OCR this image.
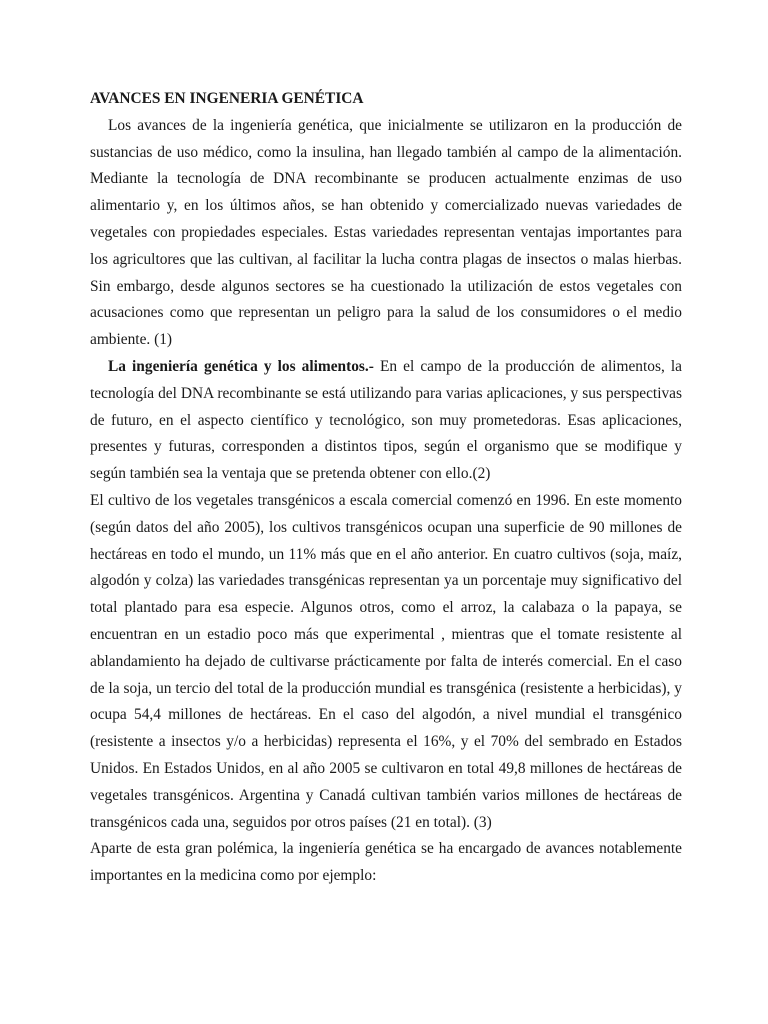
AVANCES EN INGENERIA GENÉTICA

Los avances de la ingeniería genética, que inicialmente se utilizaron en la producción de sustancias de uso médico, como la insulina, han llegado también al campo de la alimentación. Mediante la tecnología de DNA recombinante se producen actualmente enzimas de uso alimentario y, en los últimos años, se han obtenido y comercializado nuevas variedades de vegetales con propiedades especiales. Estas variedades representan ventajas importantes para los agricultores que las cultivan, al facilitar la lucha contra plagas de insectos o malas hierbas. Sin embargo, desde algunos sectores se ha cuestionado la utilización de estos vegetales con acusaciones como que representan un peligro para la salud de los consumidores o el medio ambiente. (1)

La ingeniería genética y los alimentos.- En el campo de la producción de alimentos, la tecnología del DNA recombinante se está utilizando para varias aplicaciones, y sus perspectivas de futuro, en el aspecto científico y tecnológico, son muy prometedoras. Esas aplicaciones, presentes y futuras, corresponden a distintos tipos, según el organismo que se modifique y según también sea la ventaja que se pretenda obtener con ello.(2)

El cultivo de los vegetales transgénicos a escala comercial comenzó en 1996. En este momento (según datos del año 2005), los cultivos transgénicos ocupan una superficie de 90 millones de hectáreas en todo el mundo, un 11% más que en el año anterior. En cuatro cultivos (soja, maíz, algodón y colza) las variedades transgénicas representan ya un porcentaje muy significativo del total plantado para esa especie. Algunos otros, como el arroz, la calabaza o la papaya, se encuentran en un estadio poco más que experimental , mientras que el tomate resistente al ablandamiento ha dejado de cultivarse prácticamente por falta de interés comercial. En el caso de la soja, un tercio del total de la producción mundial es transgénica (resistente a herbicidas), y ocupa 54,4 millones de hectáreas. En el caso del algodón, a nivel mundial el transgénico (resistente a insectos y/o a herbicidas) representa el 16%, y el 70% del sembrado en Estados Unidos. En Estados Unidos, en al año 2005 se cultivaron en total 49,8 millones de hectáreas de vegetales transgénicos. Argentina y Canadá cultivan también varios millones de hectáreas de transgénicos cada una, seguidos por otros países (21 en total). (3)

Aparte de esta gran polémica, la ingeniería genética se ha encargado de avances notablemente importantes en la medicina como por ejemplo:
